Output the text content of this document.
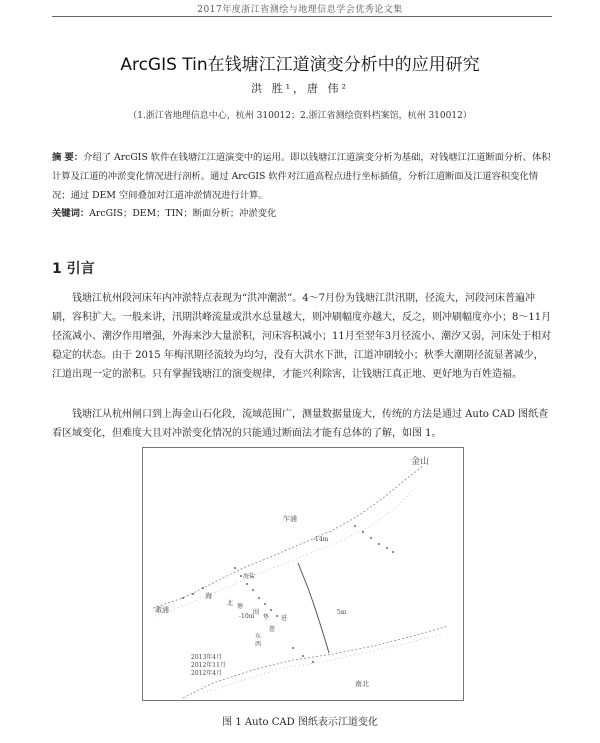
2017年度浙江省测绘与地理信息学会优秀论文集
ArcGIS Tin在钱塘江江道演变分析中的应用研究
洪 胜¹，唐 伟²
（1.浙江省地理信息中心，杭州 310012；2.浙江省测绘资料档案馆，杭州 310012）
摘 要：介绍了 ArcGIS 软件在钱塘江江道演变中的运用。即以钱塘江江道演变分析为基础，对钱塘江江道断面分析、体积计算及江道的冲淤变化情况进行剖析。通过 ArcGIS 软件对江道高程点进行坐标插值，分析江道断面及江道容积变化情况；通过 DEM 空间叠加对江道冲淤情况进行计算。
关键词：ArcGIS；DEM；TIN；断面分析；冲淤变化
1 引言
钱塘江杭州段河床年内冲淤特点表现为“洪冲潮淤”。4～7月份为钱塘江洪汛期，径流大，河段河床普遍冲刷，容积扩大。一般来讲，汛期洪峰流量或洪水总量越大，则冲刷幅度亦越大，反之，则冲刷幅度亦小；8～11月径流减小、潮汐作用增强，外海来沙大量淤积，河床容积减小；11月至翌年3月径流小、潮汐又弱，河床处于相对稳定的状态。由于 2015 年梅汛期径流较为均匀，没有大洪水下泄，江道冲刷较小；秋季大潮期径流显著减少，江道出现一定的淤积。只有掌握钱塘江的演变规律，才能兴利除害，让钱塘江真正地、更好地为百姓造福。
钱塘江从杭州闸口到上海金山石化段，流域范围广，测量数据量庞大，传统的方法是通过 Auto CAD 图纸查看区域变化，但难度大且对冲淤变化情况的只能通过断面法才能有总体的了解，如图 1。
金山
乍浦
-14m
海盐
海
北 塘
围
垫 进
慈
东
西
澉浦
-10m
5m
南北
2013年4月
2012年11月
2012年4月
图 1 Auto CAD 图纸表示江道变化
